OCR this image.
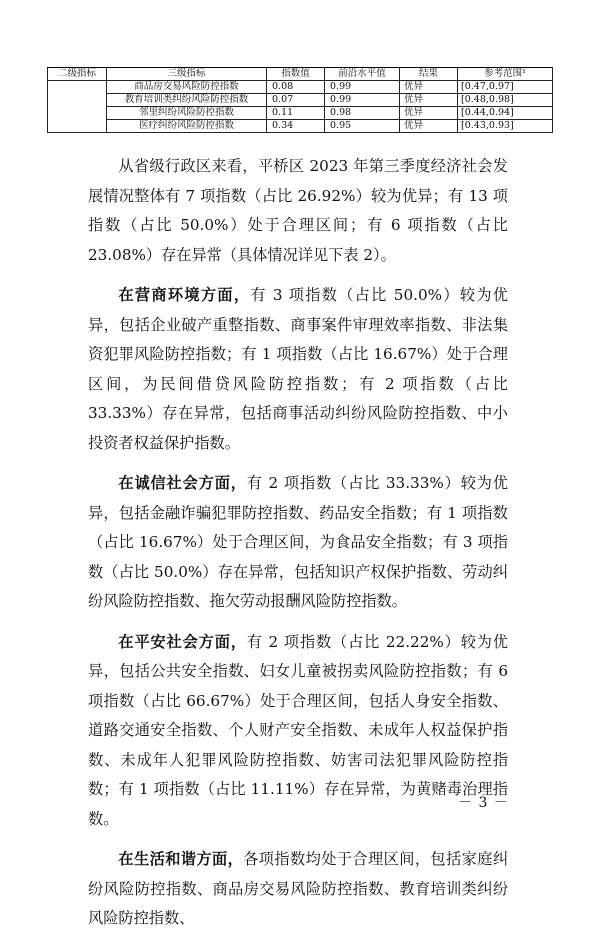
二级指标	三级指标	指数值	前沿水平值	结果	参考范围¹
	商品房交易风险防控指数	0.08	0.99	优异	[0.47,0.97]
	教育培训类纠纷风险防控指数	0.07	0.99	优异	[0.48,0.98]
	邻里纠纷风险防控指数	0.11	0.98	优异	[0.44,0.94]
	医疗纠纷风险防控指数	0.34	0.95	优异	[0.43,0.93]

从省级行政区来看，平桥区 2023 年第三季度经济社会发展情况整体有 7 项指数（占比 26.92%）较为优异；有 13 项指数（占比 50.0%）处于合理区间；有 6 项指数（占比 23.08%）存在异常（具体情况详见下表 2）。

在营商环境方面，有 3 项指数（占比 50.0%）较为优异，包括企业破产重整指数、商事案件审理效率指数、非法集资犯罪风险防控指数；有 1 项指数（占比 16.67%）处于合理区间，为民间借贷风险防控指数；有 2 项指数（占比 33.33%）存在异常，包括商事活动纠纷风险防控指数、中小投资者权益保护指数。

在诚信社会方面，有 2 项指数（占比 33.33%）较为优异，包括金融诈骗犯罪防控指数、药品安全指数；有 1 项指数（占比 16.67%）处于合理区间，为食品安全指数；有 3 项指数（占比 50.0%）存在异常，包括知识产权保护指数、劳动纠纷风险防控指数、拖欠劳动报酬风险防控指数。

在平安社会方面，有 2 项指数（占比 22.22%）较为优异，包括公共安全指数、妇女儿童被拐卖风险防控指数；有 6 项指数（占比 66.67%）处于合理区间，包括人身安全指数、道路交通安全指数、个人财产安全指数、未成年人权益保护指数、未成年人犯罪风险防控指数、妨害司法犯罪风险防控指数；有 1 项指数（占比 11.11%）存在异常，为黄赌毒治理指数。

在生活和谐方面，各项指数均处于合理区间，包括家庭纠纷风险防控指数、商品房交易风险防控指数、教育培训类纠纷风险防控指数、

－ 3 －
